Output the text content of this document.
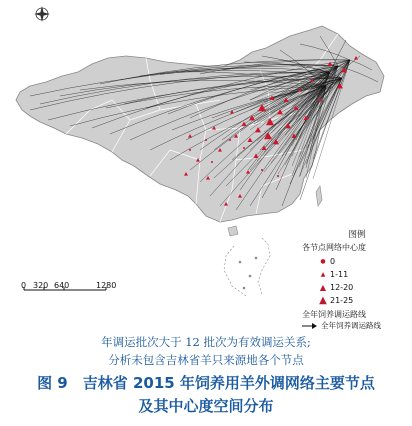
0 320 640	1280
图例
各节点网络中心度
● 0
▲ 1-11
▲ 12-20
▲ 21-25
全年饲养调运路线
全年饲养调运路线
年调运批次大于 12 批次为有效调运关系;
分析未包含吉林省羊只来源地各个节点
图 9　吉林省 2015 年饲养用羊外调网络主要节点
及其中心度空间分布
